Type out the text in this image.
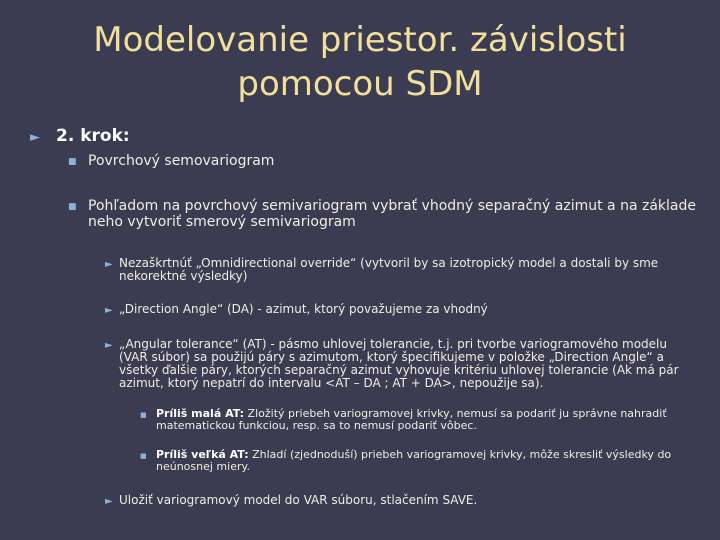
Modelovanie priestor. závislosti pomocou SDM
► 2. krok:
■ Povrchový semovariogram
■ Pohľadom na povrchový semivariogram vybrať vhodný separačný azimut a na základe neho vytvoriť smerový semivariogram
► Nezaškrtnúť „Omnidirectional override“ (vytvoril by sa izotropický model a dostali by sme nekorektné výsledky)
► „Direction Angle“ (DA) - azimut, ktorý považujeme za vhodný
► „Angular tolerance“ (AT) - pásmo uhlovej tolerancie, t.j. pri tvorbe variogramového modelu (VAR súbor) sa použijú páry s azimutom, ktorý špecifikujeme v položke „Direction Angle“ a všetky ďalšie páry, ktorých separačný azimut vyhovuje kritériu uhlovej tolerancie (Ak má pár azimut, ktorý nepatrí do intervalu <AT – DA ; AT + DA>, nepoužije sa).
■ Príliš malá AT: Zložitý priebeh variogramovej krivky, nemusí sa podariť ju správne nahradiť matematickou funkciou, resp. sa to nemusí podariť vôbec.
■ Príliš veľká AT: Zhladí (zjednoduší) priebeh variogramovej krivky, môže skresliť výsledky do neúnosnej miery.
► Uložiť variogramový model do VAR súboru, stlačením SAVE.
